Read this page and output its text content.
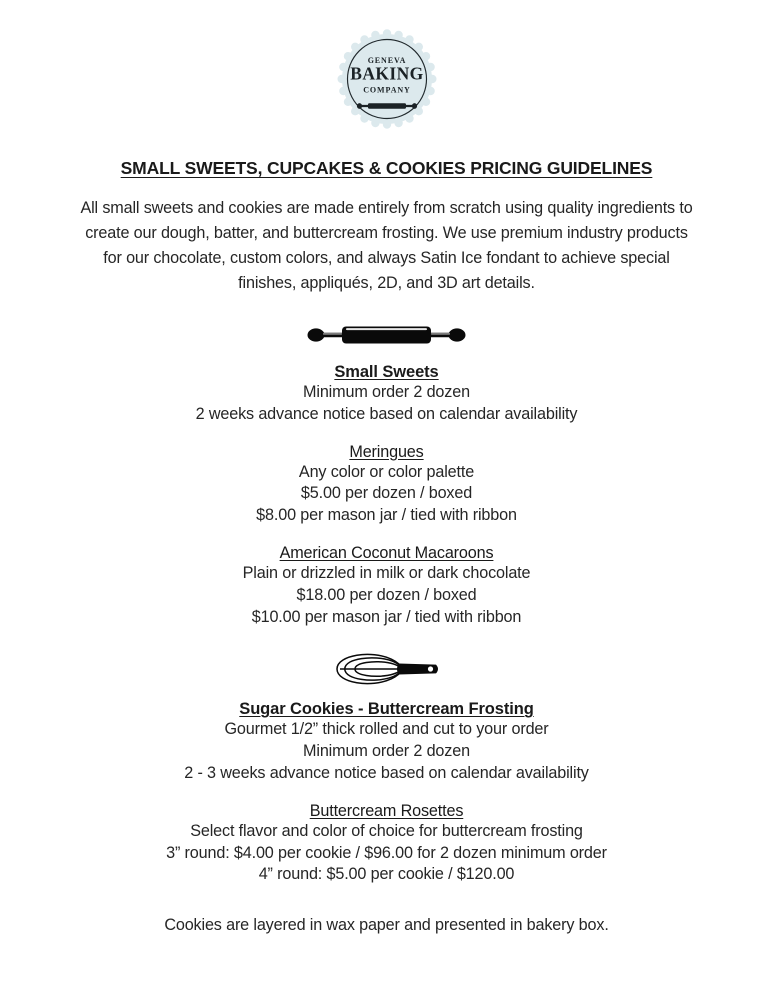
GENEVA
BAKING
COMPANY
SMALL SWEETS, CUPCAKES & COOKIES PRICING GUIDELINES

All small sweets and cookies are made entirely from scratch using quality ingredients to create our dough, batter, and buttercream frosting. We use premium industry products for our chocolate, custom colors, and always Satin Ice fondant to achieve special finishes, appliqués, 2D, and 3D art details.

Small Sweets
Minimum order 2 dozen
2 weeks advance notice based on calendar availability
Meringues
Any color or color palette
$5.00 per dozen / boxed
$8.00 per mason jar / tied with ribbon
American Coconut Macaroons
Plain or drizzled in milk or dark chocolate
$18.00 per dozen / boxed
$10.00 per mason jar / tied with ribbon
Sugar Cookies - Buttercream Frosting
Gourmet 1/2” thick rolled and cut to your order
Minimum order 2 dozen
2 - 3 weeks advance notice based on calendar availability
Buttercream Rosettes
Select flavor and color of choice for buttercream frosting
3” round: $4.00 per cookie / $96.00 for 2 dozen minimum order
4” round: $5.00 per cookie / $120.00
Cookies are layered in wax paper and presented in bakery box.
